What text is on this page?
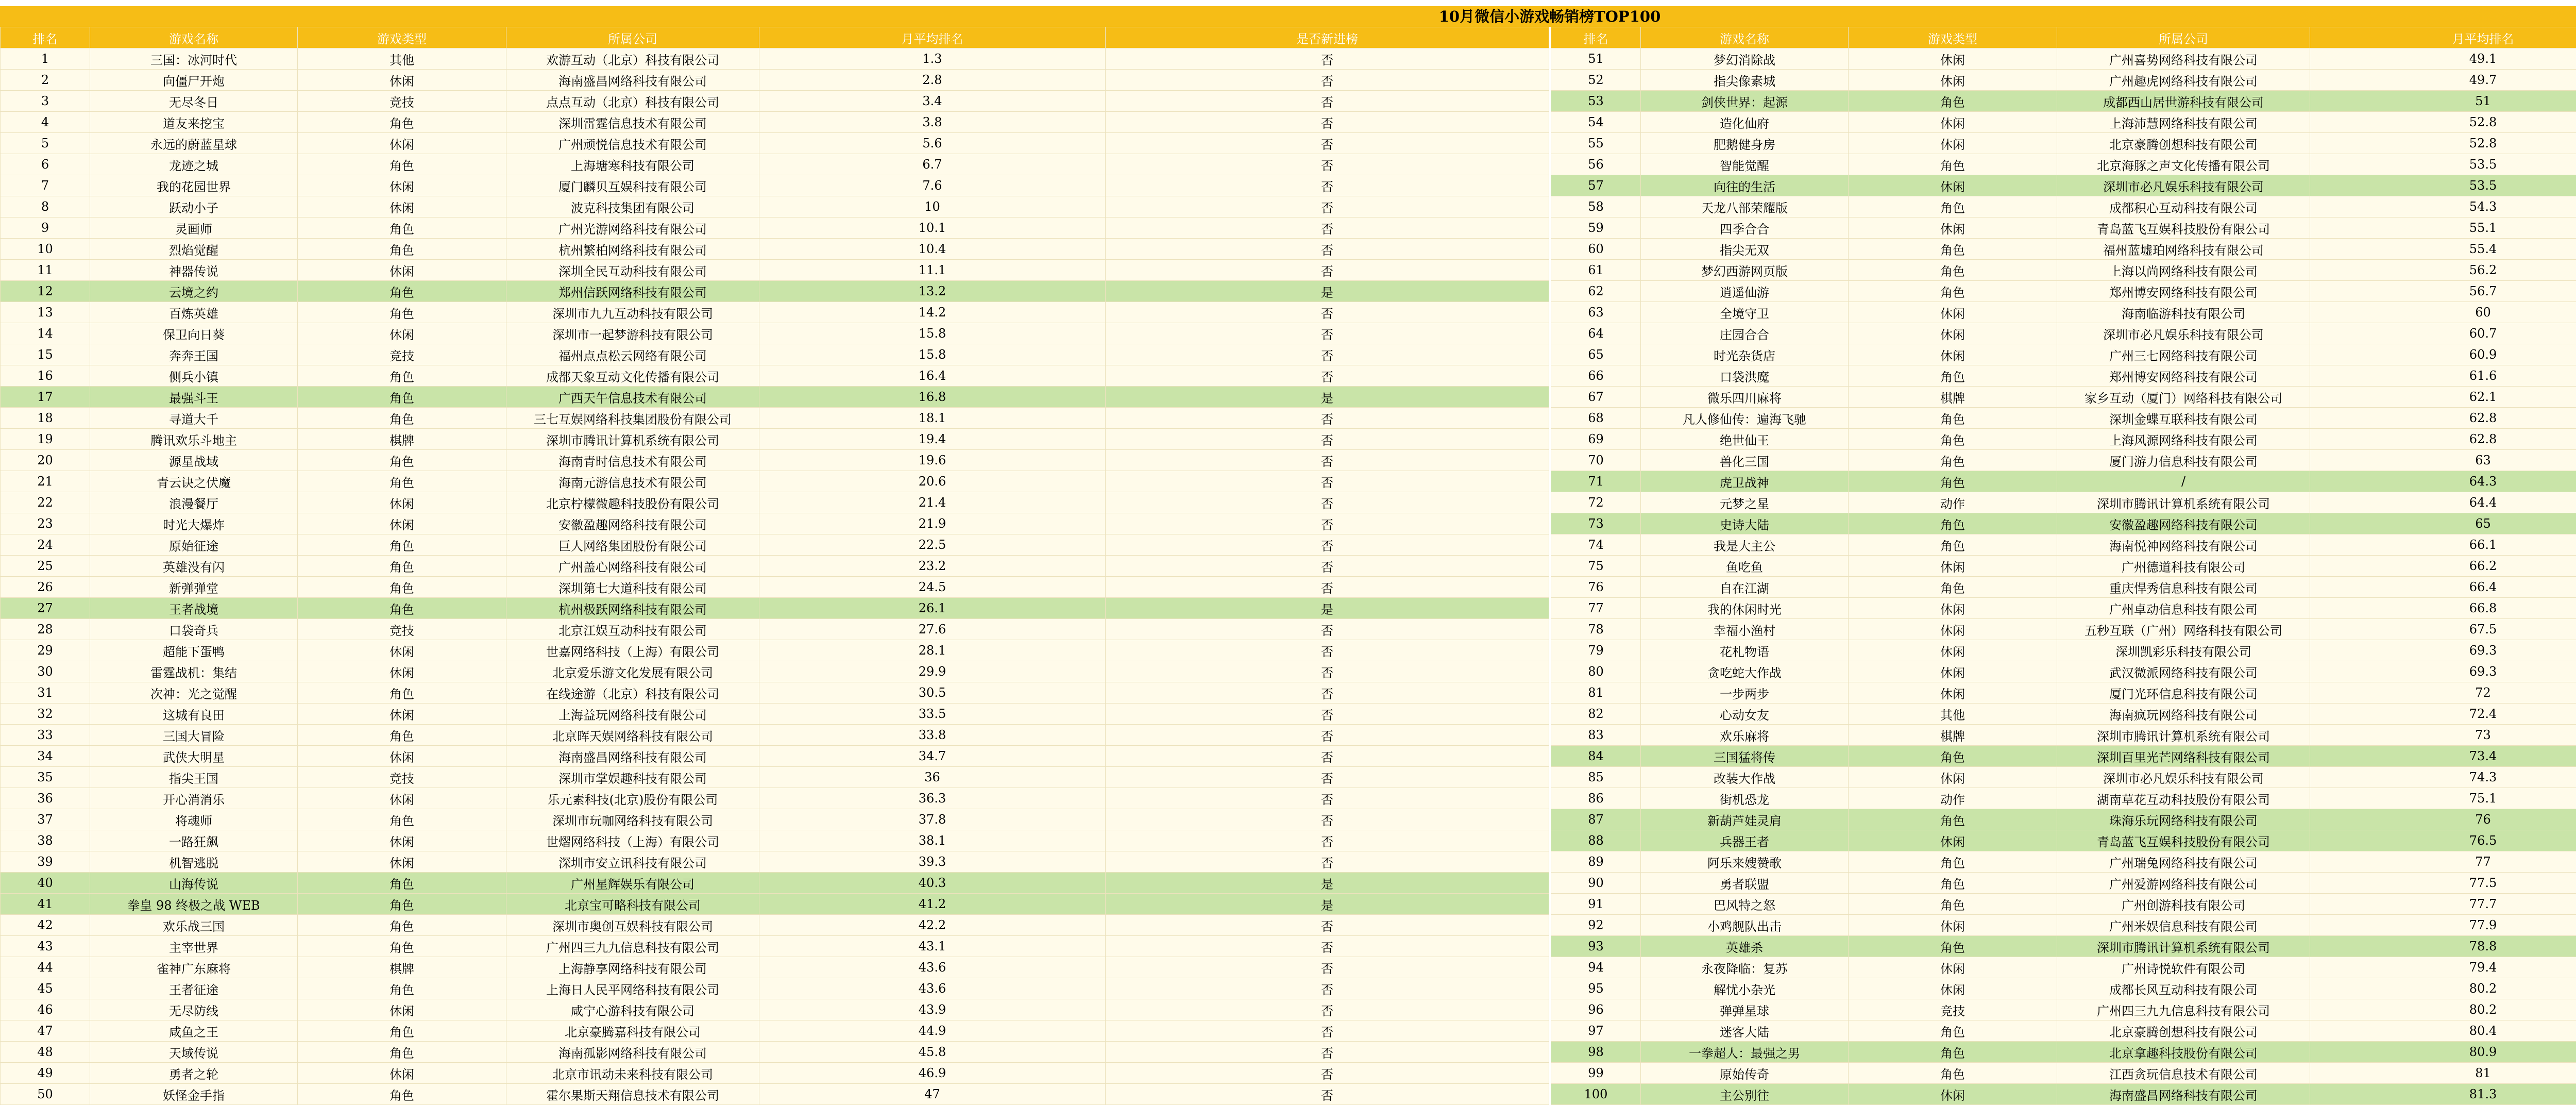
10月微信小游戏畅销榜TOP100
排名	游戏名称	游戏类型	所属公司	月平均排名	是否新进榜
1	三国：冰河时代	其他	欢游互动（北京）科技有限公司	1.3	否
2	向僵尸开炮	休闲	海南盛昌网络科技有限公司	2.8	否
3	无尽冬日	竞技	点点互动（北京）科技有限公司	3.4	否
4	道友来挖宝	角色	深圳雷霆信息技术有限公司	3.8	否
5	永远的蔚蓝星球	休闲	广州顽悦信息技术有限公司	5.6	否
6	龙迹之城	角色	上海塘寒科技有限公司	6.7	否
7	我的花园世界	休闲	厦门麟贝互娱科技有限公司	7.6	否
8	跃动小子	休闲	波克科技集团有限公司	10	否
9	灵画师	角色	广州光游网络科技有限公司	10.1	否
10	烈焰觉醒	角色	杭州繁柏网络科技有限公司	10.4	否
11	神器传说	休闲	深圳全民互动科技有限公司	11.1	否
12	云境之约	角色	郑州信跃网络科技有限公司	13.2	是
13	百炼英雄	角色	深圳市九九互动科技有限公司	14.2	否
14	保卫向日葵	休闲	深圳市一起梦游科技有限公司	15.8	否
15	奔奔王国	竞技	福州点点松云网络有限公司	15.8	否
16	侧兵小镇	角色	成都天象互动文化传播有限公司	16.4	否
17	最强斗王	角色	广西天午信息技术有限公司	16.8	是
18	寻道大千	角色	三七互娱网络科技集团股份有限公司	18.1	否
19	腾讯欢乐斗地主	棋牌	深圳市腾讯计算机系统有限公司	19.4	否
20	源星战域	角色	海南青时信息技术有限公司	19.6	否
21	青云诀之伏魔	角色	海南元游信息技术有限公司	20.6	否
22	浪漫餐厅	休闲	北京柠檬微趣科技股份有限公司	21.4	否
23	时光大爆炸	休闲	安徽盈趣网络科技有限公司	21.9	否
24	原始征途	角色	巨人网络集团股份有限公司	22.5	否
25	英雄没有闪	角色	广州盖心网络科技有限公司	23.2	否
26	新弹弹堂	角色	深圳第七大道科技有限公司	24.5	否
27	王者战境	角色	杭州极跃网络科技有限公司	26.1	是
28	口袋奇兵	竞技	北京江娱互动科技有限公司	27.6	否
29	超能下蛋鸭	休闲	世嘉网络科技（上海）有限公司	28.1	否
30	雷霆战机：集结	休闲	北京爱乐游文化发展有限公司	29.9	否
31	次神：光之觉醒	角色	在线途游（北京）科技有限公司	30.5	否
32	这城有良田	休闲	上海益玩网络科技有限公司	33.5	否
33	三国大冒险	角色	北京晖天娱网络科技有限公司	33.8	否
34	武侠大明星	休闲	海南盛昌网络科技有限公司	34.7	否
35	指尖王国	竞技	深圳市掌娱趣科技有限公司	36	否
36	开心消消乐	休闲	乐元素科技(北京)股份有限公司	36.3	否
37	将魂师	角色	深圳市玩咖网络科技有限公司	37.8	否
38	一路狂飙	休闲	世熠网络科技（上海）有限公司	38.1	否
39	机智逃脱	休闲	深圳市安立讯科技有限公司	39.3	否
40	山海传说	角色	广州星辉娱乐有限公司	40.3	是
41	拳皇 98 终极之战 WEB	角色	北京宝可略科技有限公司	41.2	是
42	欢乐战三国	角色	深圳市奥创互娱科技有限公司	42.2	否
43	主宰世界	角色	广州四三九九信息科技有限公司	43.1	否
44	雀神广东麻将	棋牌	上海静享网络科技有限公司	43.6	否
45	王者征途	角色	上海日人民平网络科技有限公司	43.6	否
46	无尽防线	休闲	咸宁心游科技有限公司	43.9	否
47	咸鱼之王	角色	北京豪腾嘉科技有限公司	44.9	否
48	天域传说	角色	海南孤影网络科技有限公司	45.8	否
49	勇者之轮	休闲	北京市讯动未来科技有限公司	46.9	否
50	妖怪金手指	角色	霍尔果斯天翔信息技术有限公司	47	否
排名	游戏名称	游戏类型	所属公司	月平均排名	
51	梦幻消除战	休闲	广州喜势网络科技有限公司	49.1	
52	指尖像素城	休闲	广州趣虎网络科技有限公司	49.7	
53	剑侠世界：起源	角色	成都西山居世游科技有限公司	51	
54	造化仙府	休闲	上海沛慧网络科技有限公司	52.8	
55	肥鹅健身房	休闲	北京豪腾创想科技有限公司	52.8	
56	智能觉醒	角色	北京海豚之声文化传播有限公司	53.5	
57	向往的生活	休闲	深圳市必凡娱乐科技有限公司	53.5	
58	天龙八部荣耀版	角色	成都积心互动科技有限公司	54.3	
59	四季合合	休闲	青岛蓝飞互娱科技股份有限公司	55.1	
60	指尖无双	角色	福州蓝墟珀网络科技有限公司	55.4	
61	梦幻西游网页版	角色	上海以尚网络科技有限公司	56.2	
62	逍遥仙游	角色	郑州博安网络科技有限公司	56.7	
63	全境守卫	休闲	海南临游科技有限公司	60	
64	庄园合合	休闲	深圳市必凡娱乐科技有限公司	60.7	
65	时光杂货店	休闲	广州三七网络科技有限公司	60.9	
66	口袋洪魔	角色	郑州博安网络科技有限公司	61.6	
67	微乐四川麻将	棋牌	家乡互动（厦门）网络科技有限公司	62.1	
68	凡人修仙传：遍海飞驰	角色	深圳金蝶互联科技有限公司	62.8	
69	绝世仙王	角色	上海风源网络科技有限公司	62.8	
70	兽化三国	角色	厦门游力信息科技有限公司	63	
71	虎卫战神	角色	/	64.3	
72	元梦之星	动作	深圳市腾讯计算机系统有限公司	64.4	
73	史诗大陆	角色	安徽盈趣网络科技有限公司	65	
74	我是大主公	角色	海南悦神网络科技有限公司	66.1	
75	鱼吃鱼	休闲	广州德道科技有限公司	66.2	
76	自在江湖	角色	重庆悍秀信息科技有限公司	66.4	
77	我的休闲时光	休闲	广州卓动信息科技有限公司	66.8	
78	幸福小渔村	休闲	五秒互联（广州）网络科技有限公司	67.5	
79	花札物语	休闲	深圳凯彩乐科技有限公司	69.3	
80	贪吃蛇大作战	休闲	武汉微派网络科技有限公司	69.3	
81	一步两步	休闲	厦门光环信息科技有限公司	72	
82	心动女友	其他	海南疯玩网络科技有限公司	72.4	
83	欢乐麻将	棋牌	深圳市腾讯计算机系统有限公司	73	
84	三国猛将传	角色	深圳百里光芒网络科技有限公司	73.4	
85	改装大作战	休闲	深圳市必凡娱乐科技有限公司	74.3	
86	街机恐龙	动作	湖南草花互动科技股份有限公司	75.1	
87	新葫芦娃灵肩	角色	珠海乐玩网络科技有限公司	76	
88	兵器王者	休闲	青岛蓝飞互娱科技股份有限公司	76.5	
89	阿乐来嫂赞歌	角色	广州瑞兔网络科技有限公司	77	
90	勇者联盟	角色	广州爱游网络科技有限公司	77.5	
91	巴风特之怒	角色	广州创游科技有限公司	77.7	
92	小鸡舰队出击	休闲	广州米娱信息科技有限公司	77.9	
93	英雄杀	角色	深圳市腾讯计算机系统有限公司	78.8	
94	永夜降临：复苏	休闲	广州诗悦软件有限公司	79.4	
95	解忧小杂光	休闲	成都长风互动科技有限公司	80.2	
96	弹弹星球	竞技	广州四三九九信息科技有限公司	80.2	
97	迷客大陆	角色	北京豪腾创想科技有限公司	80.4	
98	一拳超人：最强之男	角色	北京拿趣科技股份有限公司	80.9	
99	原始传奇	角色	江西贪玩信息技术有限公司	81	
100	主公别往	休闲	海南盛昌网络科技有限公司	81.3	
